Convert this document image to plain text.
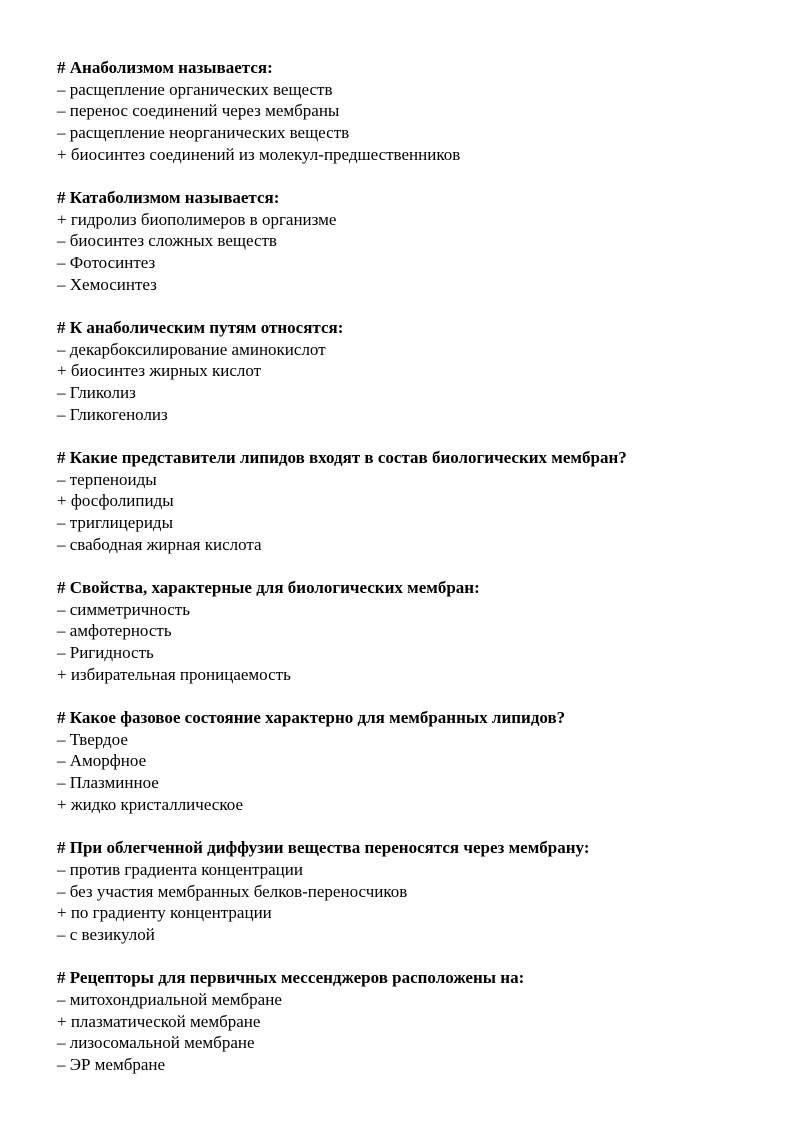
# Анаболизмом называется:
– расщепление органических веществ
– перенос соединений через мембраны
– расщепление неорганических веществ
+ биосинтез соединений из молекул-предшественников
# Катаболизмом называется:
+ гидролиз биополимеров в организме
– биосинтез сложных веществ
– Фотосинтез
– Хемосинтез
# К анаболическим путям относятся:
– декарбоксилирование аминокислот
+ биосинтез жирных кислот
– Гликолиз
– Гликогенолиз
# Какие представители липидов входят в состав биологических мембран?
– терпеноиды
+ фосфолипиды
– триглицериды
– свабодная жирная кислота
# Свойства, характерные для биологических мембран:
– симметричность
– амфотерность
– Ригидность
+ избирательная проницаемость
# Какое фазовое состояние характерно для мембранных липидов?
– Твердое
– Аморфное
– Плазминное
+ жидко кристаллическое
# При облегченной диффузии вещества переносятся через мембрану:
– против градиента концентрации
– без участия мембранных белков-переносчиков
+ по градиенту концентрации
– с везикулой
# Рецепторы для первичных мессенджеров расположены на:
– митохондриальной мембране
+ плазматической мембране
– лизосомальной мембране
– ЭР мембране
